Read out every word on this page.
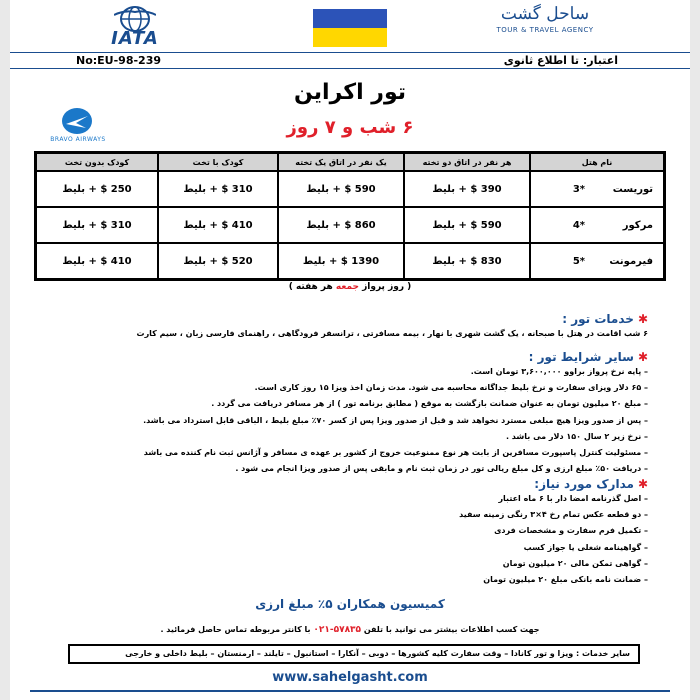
IATA
ساحل گشت
TOUR & TRAVEL AGENCY
No:EU-98-239	اعتبار: تا اطلاع ثانوی
تور اکراین
۶ شب و ۷ روز
BRAVO AIRWAYS
نام هتل	هر نفر در اتاق دو تخته	یک نفر در اتاق یک تخته	کودک با تخت	کودک بدون تخت
توریست3*	390 $ + بلیط	590 $ + بلیط	310 $ + بلیط	250 $ + بلیط
مرکور4*	590 $ + بلیط	860 $ + بلیط	410 $ + بلیط	310 $ + بلیط
فیرمونت5*	830 $ + بلیط	1390 $ + بلیط	520 $ + بلیط	410 $ + بلیط
( روز پرواز جمعه هر هفته )
✱خدمات تور :
۶ شب اقامت در هتل با صبحانه ، یک گشت شهری با نهار ، بیمه مسافرتی ، ترانسفر فرودگاهی ، راهنمای فارسی زبان ، سیم کارت
✱سایر شرایط تور :
– پایه نرخ پرواز براوو ۳,۶۰۰,۰۰۰ تومان است.
– ۶۵ دلار ویزای سفارت و نرخ بلیط جداگانه محاسبه می شود. مدت زمان اخذ ویزا ۱۵ روز کاری است.
– مبلغ ۲۰ میلیون تومان به عنوان ضمانت بازگشت به موقع ( مطابق برنامه تور ) از هر مسافر دریافت می گردد .
– پس از صدور ویزا هیچ مبلغی مسترد نخواهد شد و قبل از صدور ویزا پس از کسر ۷۰٪ مبلغ بلیط ، الباقی قابل استرداد می باشد.
– نرخ زیر ۲ سال ۱۵۰ دلار می باشد .
– مسئولیت کنترل پاسپورت مسافرین از بابت هر نوع ممنوعیت خروج از کشور بر عهده ی مسافر و آژانس ثبت نام کننده می باشد
– دریافت ۵۰٪ مبلغ ارزی و کل مبلغ ریالی تور در زمان ثبت نام و مابقی پس از صدور ویزا انجام می شود .
✱مدارک مورد نیاز:
– اصل گذرنامه امضا دار با ۶ ماه اعتبار
– دو قطعه عکس تمام رخ ۴×۳ رنگی زمینه سفید
– تکمیل فرم سفارت و مشخصات فردی
– گواهینامه شغلی یا جواز کسب
– گواهی تمکن مالی ۲۰ میلیون تومان
– ضمانت نامه بانکی مبلغ ۲۰ میلیون تومان
کمیسیون همکاران ۵٪ مبلغ ارزی
جهت کسب اطلاعات بیشتر می توانید با تلفن ۵۷۸۳۵-۰۲۱ با کانتر مربوطه تماس حاصل فرمائید .
سایر خدمات : ویزا و تور کانادا – وقت سفارت کلیه کشورها – دوبی – آنکارا – استانبول – تایلند – ارمنستان – بلیط داخلی و خارجی
www.sahelgasht.com
